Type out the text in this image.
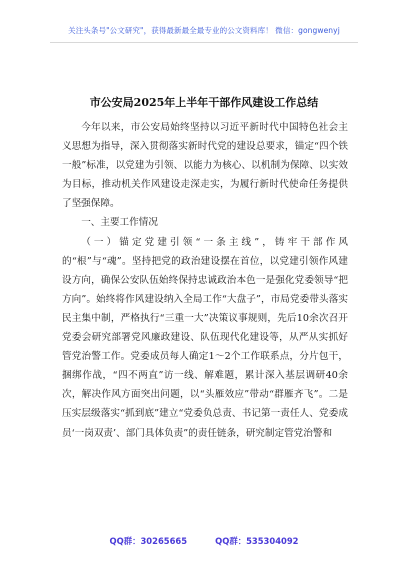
关注头条号"公文研究"，获得最新最全最专业的公文资料库！ 微信：gongwenyj
市公安局2025年上半年干部作风建设工作总结

今年以来，市公安局始终坚持以习近平新时代中国特色社会主义思想为指导，深入贯彻落实新时代党的建设总要求，锚定“四个铁一般”标准，以党建为引领、以能力为核心、以机制为保障、以实效为目标，推动机关作风建设走深走实，为履行新时代使命任务提供了坚强保障。

一、主要工作情况

（一）锚定党建引领“一条主线”，铸牢干部作风的“根”与“魂”。坚持把党的政治建设摆在首位，以党建引领作风建设方向，确保公安队伍始终保持忠诚政治本色一是强化党委领导“把方向”。始终将作风建设纳入全局工作“大盘子”，市局党委带头落实民主集中制，严格执行“三重一大”决策议事规则，先后10余次召开党委会研究部署党风廉政建设、队伍现代化建设等，从严从实抓好管党治警工作。党委成员每人确定1～2个工作联系点，分片包干，捆绑作战，“四不两直”访一线、解难题，累计深入基层调研40余次，解决作风方面突出问题，以“头雁效应”带动“群雁齐飞”。二是压实层级落实“抓到底”建立“党委负总责、书记第一责任人、党委成员‘一岗双责’、部门具体负责”的责任链条，研究制定管党治警和

QQ群：30265665	QQ群：535304092
